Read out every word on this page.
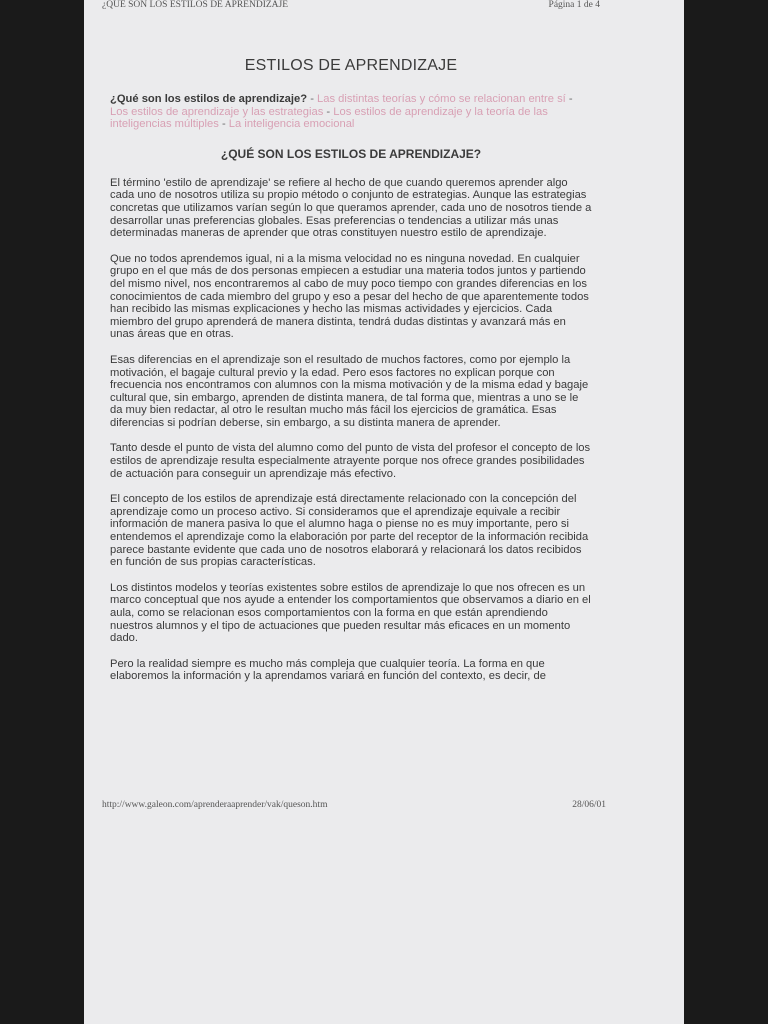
¿QUÉ SON LOS ESTILOS DE APRENDIZAJE	Página 1 de 4
ESTILOS DE APRENDIZAJE
¿Qué son los estilos de aprendizaje? - Las distintas teorías y cómo se relacionan entre sí - Los estilos de aprendizaje y las estrategias - Los estilos de aprendizaje y la teoría de las inteligencias múltiples - La inteligencia emocional
¿QUÉ SON LOS ESTILOS DE APRENDIZAJE?

El término 'estilo de aprendizaje' se refiere al hecho de que cuando queremos aprender algo cada uno de nosotros utiliza su propio método o conjunto de estrategias. Aunque las estrategias concretas que utilizamos varían según lo que queramos aprender, cada uno de nosotros tiende a desarrollar unas preferencias globales. Esas preferencias o tendencias a utilizar más unas determinadas maneras de aprender que otras constituyen nuestro estilo de aprendizaje.

Que no todos aprendemos igual, ni a la misma velocidad no es ninguna novedad. En cualquier grupo en el que más de dos personas empiecen a estudiar una materia todos juntos y partiendo del mismo nivel, nos encontraremos al cabo de muy poco tiempo con grandes diferencias en los conocimientos de cada miembro del grupo y eso a pesar del hecho de que aparentemente todos han recibido las mismas explicaciones y hecho las mismas actividades y ejercicios. Cada miembro del grupo aprenderá de manera distinta, tendrá dudas distintas y avanzará más en unas áreas que en otras.

Esas diferencias en el aprendizaje son el resultado de muchos factores, como por ejemplo la motivación, el bagaje cultural previo y la edad. Pero esos factores no explican porque con frecuencia nos encontramos con alumnos con la misma motivación y de la misma edad y bagaje cultural que, sin embargo, aprenden de distinta manera, de tal forma que, mientras a uno se le da muy bien redactar, al otro le resultan mucho más fácil los ejercicios de gramática. Esas diferencias si podrían deberse, sin embargo, a su distinta manera de aprender.

Tanto desde el punto de vista del alumno como del punto de vista del profesor el concepto de los estilos de aprendizaje resulta especialmente atrayente porque nos ofrece grandes posibilidades de actuación para conseguir un aprendizaje más efectivo.

El concepto de los estilos de aprendizaje está directamente relacionado con la concepción del aprendizaje como un proceso activo. Si consideramos que el aprendizaje equivale a recibir información de manera pasiva lo que el alumno haga o piense no es muy importante, pero si entendemos el aprendizaje como la elaboración por parte del receptor de la información recibida parece bastante evidente que cada uno de nosotros elaborará y relacionará los datos recibidos en función de sus propias características.

Los distintos modelos y teorías existentes sobre estilos de aprendizaje lo que nos ofrecen es un marco conceptual que nos ayude a entender los comportamientos que observamos a diario en el aula, como se relacionan esos comportamientos con la forma en que están aprendiendo nuestros alumnos y el tipo de actuaciones que pueden resultar más eficaces en un momento dado.

Pero la realidad siempre es mucho más compleja que cualquier teoría. La forma en que elaboremos la información y la aprendamos variará en función del contexto, es decir, de

http://www.galeon.com/aprenderaaprender/vak/queson.htm	28/06/01
